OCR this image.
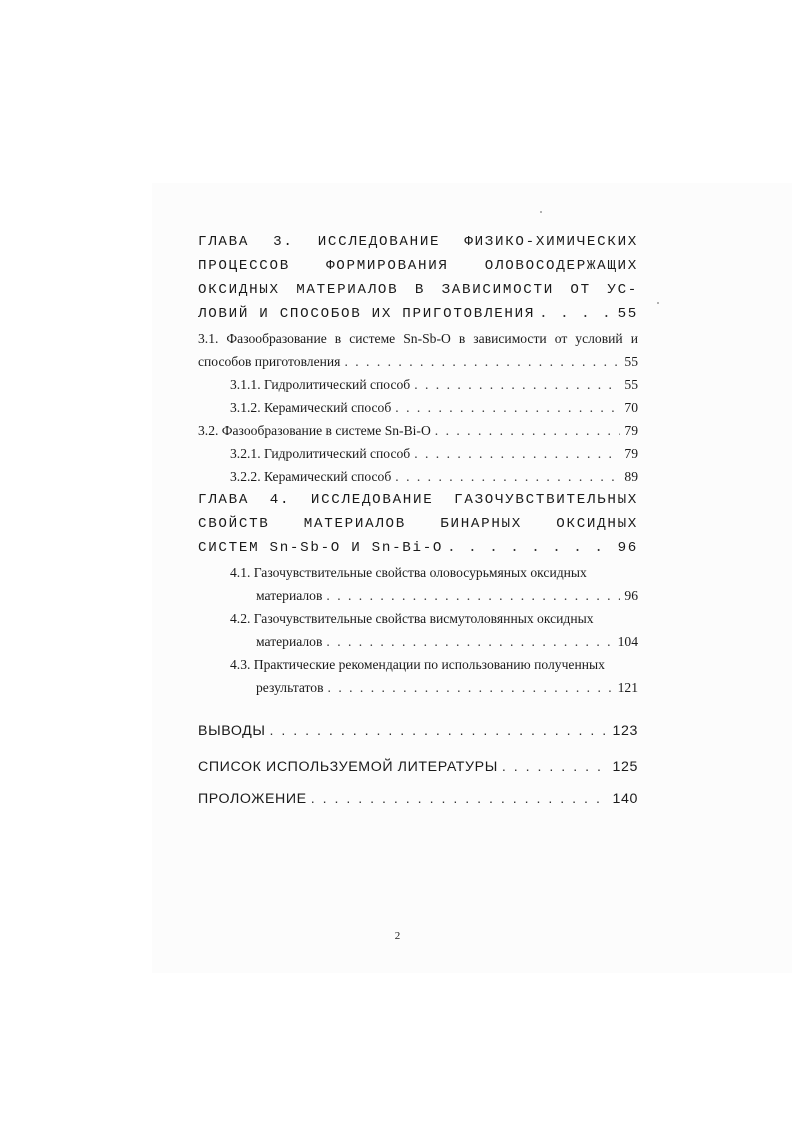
ГЛАВА 3. ИССЛЕДОВАНИЕ ФИЗИКО-ХИМИЧЕСКИХ
ПРОЦЕССОВ ФОРМИРОВАНИЯ ОЛОВОСОДЕРЖАЩИХ
ОКСИДНЫХ МАТЕРИАЛОВ В ЗАВИСИМОСТИ ОТ УС-
ЛОВИЙ И СПОСОБОВ ИХ ПРИГОТОВЛЕНИЯ . . .	55
3.1. Фазообразование в системе Sn-Sb-O в зависимости от условий и
способов приготовления . . .	55
3.1.1. Гидролитический способ . . .	55
3.1.2. Керамический способ . . .	70
3.2. Фазообразование в системе Sn-Bi-O . . .	79
3.2.1. Гидролитический способ . . .	79
3.2.2. Керамический способ . . .	89
ГЛАВА 4. ИССЛЕДОВАНИЕ ГАЗОЧУВСТВИТЕЛЬНЫХ
СВОЙСТВ МАТЕРИАЛОВ БИНАРНЫХ ОКСИДНЫХ
СИСТЕМ Sn-Sb-O И Sn-Bi-O . . .	96
4.1. Газочувствительные свойства оловосурьмяных оксидных
материалов . . .	96
4.2. Газочувствительные свойства висмутоловянных оксидных
материалов . . .	104
4.3. Практические рекомендации по использованию полученных
результатов . . .	121
ВЫВОДЫ . . .	123
СПИСОК ИСПОЛЬЗУЕМОЙ ЛИТЕРАТУРЫ . . .	125
ПРОЛОЖЕНИЕ . . .	140
2
